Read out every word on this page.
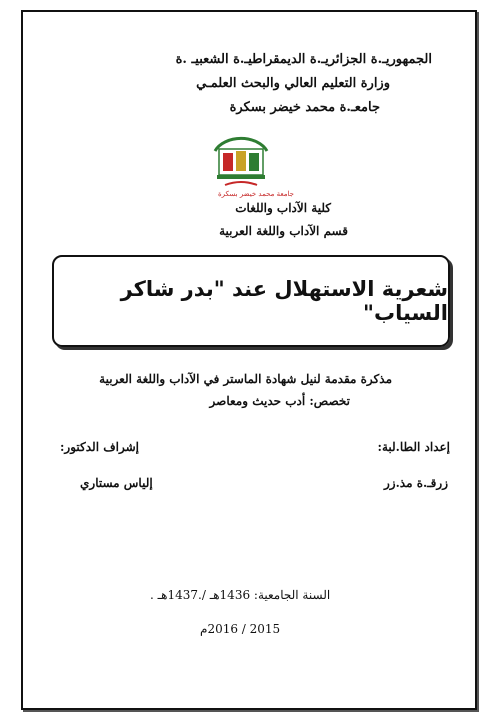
الجمهوريـ.ة الجزائريـ.ة الديمقراطيـ.ة الشعبيـ .ة
وزارة التعليم العالي والبحث العلمـي
جامعـ.ة محمد خيضر بسكرة
جامعة محمد خيضر بسكرة
كلية الآداب واللغات
قسم الآداب واللغة العربية
شعرية الاستهلال عند "بدر شاكر السياب"
مذكرة مقدمة لنيل شهادة الماستر في الآداب واللغة العربية
تخصص: أدب حديث ومعاصر
إعداد الطا.لبة:
زرقـ.ة مذ.زر
إشراف الدكتور:
إلياس مستاري
السنة الجامعية: 1436هـ /.1437هـ .
2015 / 2016م
